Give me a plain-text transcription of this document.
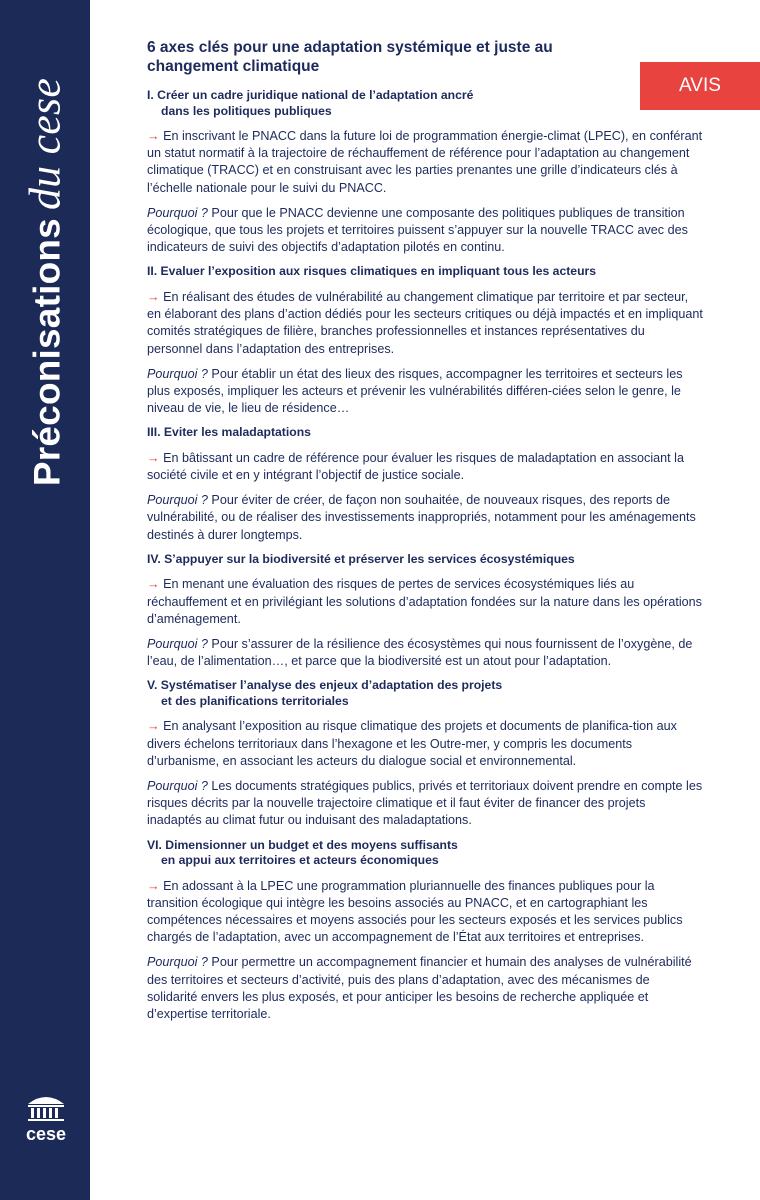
Préconisationsdu cese
cese
AVIS
6 axes clés pour une adaptation systémique et juste au changement climatique
I. Créer un cadre juridique national de l’adaptation ancré
dans les politiques publiques

→ En inscrivant le PNACC dans la future loi de programmation énergie-climat (LPEC), en conférant un statut normatif à la trajectoire de réchauffement de référence pour l’adaptation au changement climatique (TRACC) et en construisant avec les parties prenantes une grille d’indicateurs clés à l’échelle nationale pour le suivi du PNACC.

Pourquoi ? Pour que le PNACC devienne une composante des politiques publiques de transition écologique, que tous les projets et territoires puissent s’appuyer sur la nouvelle TRACC avec des indicateurs de suivi des objectifs d’adaptation pilotés en continu.

II. Evaluer l’exposition aux risques climatiques en impliquant tous les acteurs

→ En réalisant des études de vulnérabilité au changement climatique par territoire et par secteur, en élaborant des plans d’action dédiés pour les secteurs critiques ou déjà impactés et en impliquant comités stratégiques de filière, branches professionnelles et instances représentatives du personnel dans l’adaptation des entreprises.

Pourquoi ? Pour établir un état des lieux des risques, accompagner les territoires et secteurs les plus exposés, impliquer les acteurs et prévenir les vulnérabilités différen-ciées selon le genre, le niveau de vie, le lieu de résidence…

III. Eviter les maladaptations

→ En bâtissant un cadre de référence pour évaluer les risques de maladaptation en associant la société civile et en y intégrant l’objectif de justice sociale.

Pourquoi ? Pour éviter de créer, de façon non souhaitée, de nouveaux risques, des reports de vulnérabilité, ou de réaliser des investissements inappropriés, notamment pour les aménagements destinés à durer longtemps.

IV. S’appuyer sur la biodiversité et préserver les services écosystémiques

→ En menant une évaluation des risques de pertes de services écosystémiques liés au réchauffement et en privilégiant les solutions d’adaptation fondées sur la nature dans les opérations d’aménagement.

Pourquoi ? Pour s’assurer de la résilience des écosystèmes qui nous fournissent de l’oxygène, de l’eau, de l’alimentation…, et parce que la biodiversité est un atout pour l’adaptation.

V. Systématiser l’analyse des enjeux d’adaptation des projets
et des planifications territoriales

→ En analysant l’exposition au risque climatique des projets et documents de planifica-tion aux divers échelons territoriaux dans l’hexagone et les Outre-mer, y compris les documents d’urbanisme, en associant les acteurs du dialogue social et environnemental.

Pourquoi ? Les documents stratégiques publics, privés et territoriaux doivent prendre en compte les risques décrits par la nouvelle trajectoire climatique et il faut éviter de financer des projets inadaptés au climat futur ou induisant des maladaptations.

VI. Dimensionner un budget et des moyens suffisants
en appui aux territoires et acteurs économiques

→ En adossant à la LPEC une programmation pluriannuelle des finances publiques pour la transition écologique qui intègre les besoins associés au PNACC, et en cartographiant les compétences nécessaires et moyens associés pour les secteurs exposés et les services publics chargés de l’adaptation, avec un accompagnement de l’État aux territoires et entreprises.

Pourquoi ? Pour permettre un accompagnement financier et humain des analyses de vulnérabilité des territoires et secteurs d’activité, puis des plans d’adaptation, avec des mécanismes de solidarité envers les plus exposés, et pour anticiper les besoins de recherche appliquée et d’expertise territoriale.
